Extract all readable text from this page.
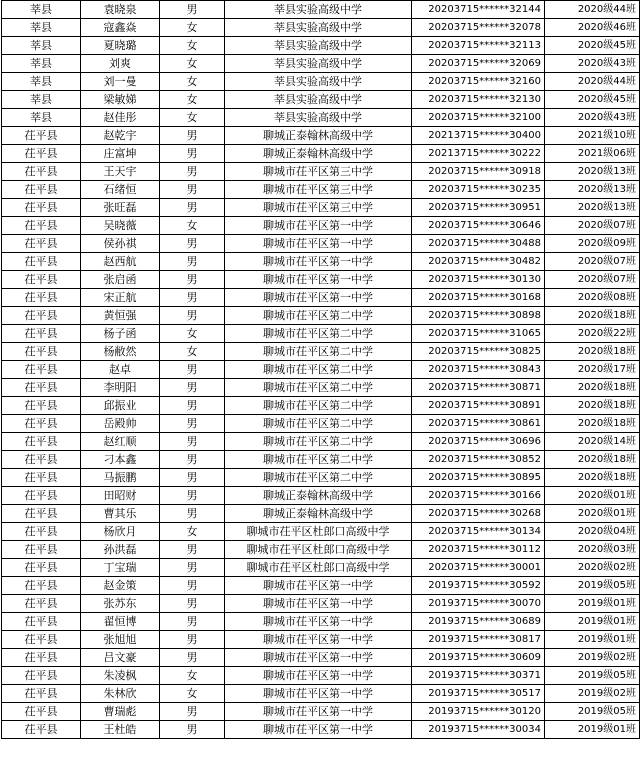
莘县	袁晓泉	男	莘县实验高级中学	20203715******32144	2020级44班
莘县	寇鑫焱	女	莘县实验高级中学	20203715******32078	2020级46班
莘县	夏晓璐	女	莘县实验高级中学	20203715******32113	2020级45班
莘县	刘爽	女	莘县实验高级中学	20203715******32069	2020级43班
莘县	刘一曼	女	莘县实验高级中学	20203715******32160	2020级44班
莘县	梁敏娣	女	莘县实验高级中学	20203715******32130	2020级45班
莘县	赵佳彤	女	莘县实验高级中学	20203715******32100	2020级43班
茌平县	赵乾宇	男	聊城正泰翰林高级中学	20213715******30400	2021级10班
茌平县	庄富坤	男	聊城正泰翰林高级中学	20213715******30222	2021级06班
茌平县	王天宇	男	聊城市茌平区第三中学	20203715******30918	2020级13班
茌平县	石绪恒	男	聊城市茌平区第三中学	20203715******30235	2020级13班
茌平县	张旺磊	男	聊城市茌平区第三中学	20203715******30951	2020级13班
茌平县	吴晓薇	女	聊城市茌平区第一中学	20203715******30646	2020级07班
茌平县	侯孙祺	男	聊城市茌平区第一中学	20203715******30488	2020级09班
茌平县	赵西航	男	聊城市茌平区第一中学	20203715******30482	2020级07班
茌平县	张启函	男	聊城市茌平区第一中学	20203715******30130	2020级07班
茌平县	宋正航	男	聊城市茌平区第一中学	20203715******30168	2020级08班
茌平县	黄恒强	男	聊城市茌平区第二中学	20203715******30898	2020级18班
茌平县	杨子函	女	聊城市茌平区第二中学	20203715******31065	2020级22班
茌平县	杨敝然	女	聊城市茌平区第二中学	20203715******30825	2020级18班
茌平县	赵卓	男	聊城市茌平区第二中学	20203715******30843	2020级17班
茌平县	李明阳	男	聊城市茌平区第二中学	20203715******30871	2020级18班
茌平县	邱振业	男	聊城市茌平区第二中学	20203715******30891	2020级18班
茌平县	岳殿帅	男	聊城市茌平区第二中学	20203715******30861	2020级18班
茌平县	赵红顺	男	聊城市茌平区第二中学	20203715******30696	2020级14班
茌平县	刁本鑫	男	聊城市茌平区第二中学	20203715******30852	2020级18班
茌平县	马振鹏	男	聊城市茌平区第二中学	20203715******30895	2020级18班
茌平县	田昭财	男	聊城正泰翰林高级中学	20203715******30166	2020级01班
茌平县	曹其乐	男	聊城正泰翰林高级中学	20203715******30268	2020级01班
茌平县	杨欣月	女	聊城市茌平区杜郎口高级中学	20203715******30134	2020级04班
茌平县	孙洪磊	男	聊城市茌平区杜郎口高级中学	20203715******30112	2020级03班
茌平县	丁宝瑞	男	聊城市茌平区杜郎口高级中学	20203715******30001	2020级02班
茌平县	赵金策	男	聊城市茌平区第一中学	20193715******30592	2019级05班
茌平县	张苏东	男	聊城市茌平区第一中学	20193715******30070	2019级01班
茌平县	翟恒博	男	聊城市茌平区第一中学	20193715******30689	2019级01班
茌平县	张旭旭	男	聊城市茌平区第一中学	20193715******30817	2019级01班
茌平县	吕文豪	男	聊城市茌平区第一中学	20193715******30609	2019级02班
茌平县	朱凌枫	女	聊城市茌平区第一中学	20193715******30371	2019级05班
茌平县	朱林欣	女	聊城市茌平区第一中学	20193715******30517	2019级02班
茌平县	曹瑞彪	男	聊城市茌平区第一中学	20193715******30120	2019级05班
茌平县	王杜皓	男	聊城市茌平区第一中学	20193715******30034	2019级01班
